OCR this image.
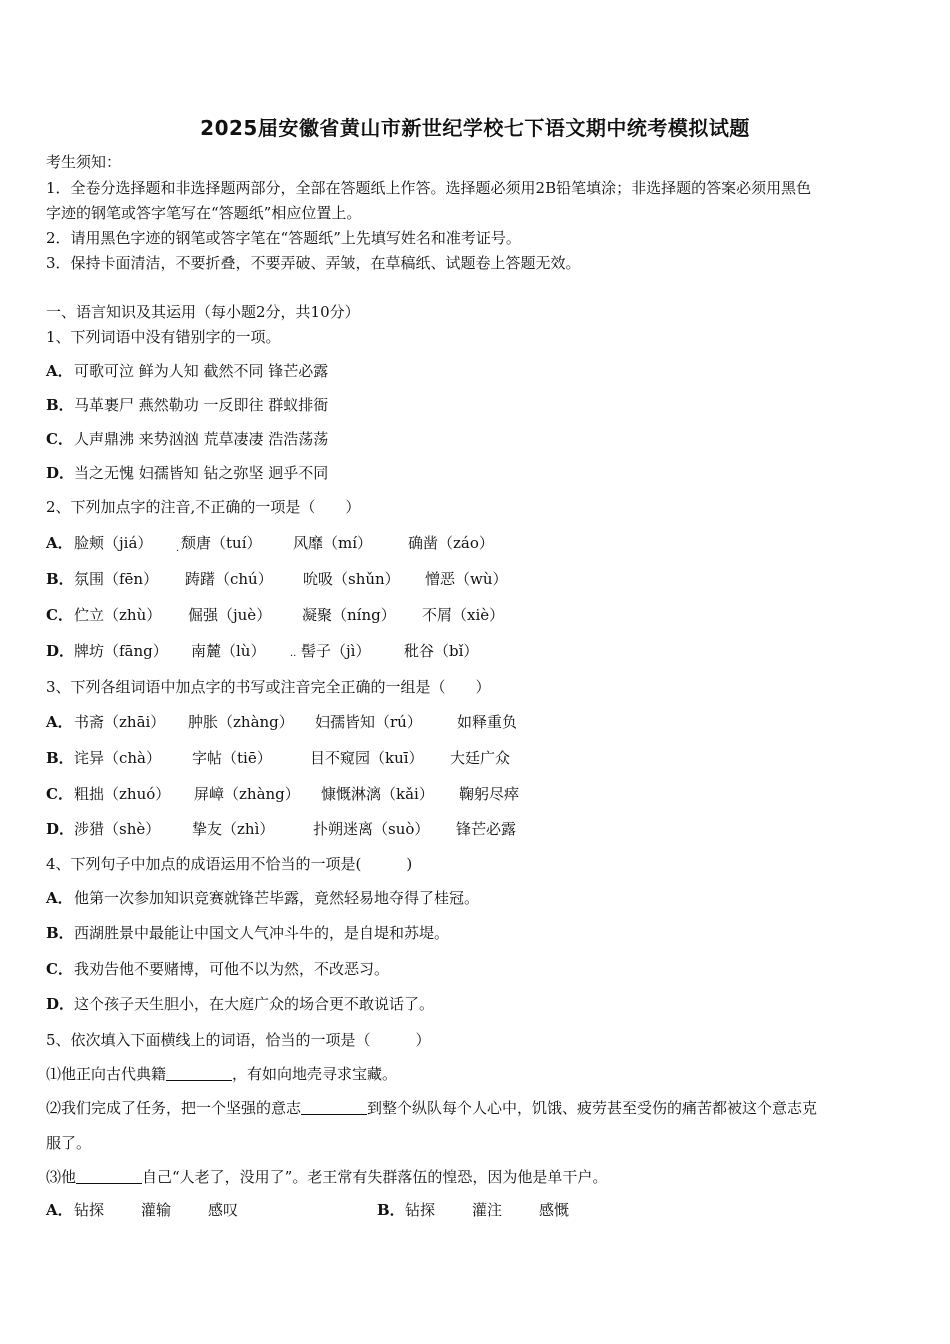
2025届安徽省黄山市新世纪学校七下语文期中统考模拟试题
考生须知：
1．全卷分选择题和非选择题两部分，全部在答题纸上作答。选择题必须用2B铅笔填涂；非选择题的答案必须用黑色
字迹的钢笔或答字笔写在“答题纸”相应位置上。
2．请用黑色字迹的钢笔或答字笔在“答题纸”上先填写姓名和准考证号。
3．保持卡面清洁，不要折叠，不要弄破、弄皱，在草稿纸、试题卷上答题无效。
一、语言知识及其运用（每小题2分，共10分）
1、下列词语中没有错别字的一项。
A．可歌可泣 鲜为人知 截然不同 锋芒必露
B．马革裹尸 燕然勒功 一反即往 群蚁排衙
C．人声鼎沸 来势汹汹 荒草凄凄 浩浩荡荡
D．当之无愧 妇孺皆知 钻之弥坚 迥乎不同
2、下列加点字的注音,不正确的一项是（　　）
A．脸颊（jiá） 颓唐（tuí） 风靡（mí） 确凿（záo）
B．氛围（fēn） 踌躇（chú） 吮吸（shǔn） 憎恶（wù）
C．伫立（zhù） 倔强（juè） 凝聚（níng） 不屑（xiè）
D．牌坊（fāng） 南麓（lù） 髻子（jì） 秕谷（bǐ）
·
··
3、下列各组词语中加点字的书写或注音完全正确的一组是（　　）
A．书斋（zhāi） 肿胀（zhàng） 妇孺皆知（rú） 如释重负
B．诧异（chà） 字帖（tiē）	目不窥园（kuī） 大廷广众
C．粗拙（zhuó） 屏嶂（zhàng） 慷慨淋漓（kǎi） 鞠躬尽瘁
D．涉猎（shè） 挚友（zhì）	扑朔迷离（suò） 锋芒必露
4、下列句子中加点的成语运用不恰当的一项是(　　　)
A．他第一次参加知识竞赛就锋芒毕露，竟然轻易地夺得了桂冠。
B．西湖胜景中最能让中国文人气冲斗牛的，是自堤和苏堤。
C．我劝告他不要赌博，可他不以为然，不改恶习。
D．这个孩子天生胆小，在大庭广众的场合更不敢说话了。
5、依次填入下面横线上的词语，恰当的一项是（　　　）
⑴他正向古代典籍	，有如向地壳寻求宝藏。
⑵我们完成了任务，把一个坚强的意志	到整个纵队每个人心中，饥饿、疲劳甚至受伤的痛苦都被这个意志克
服了。
⑶他	自己“人老了，没用了”。老王常有失群落伍的惶恐，因为他是单干户。
A．钻探 灌输 感叹	B．钻探 灌注 感慨
